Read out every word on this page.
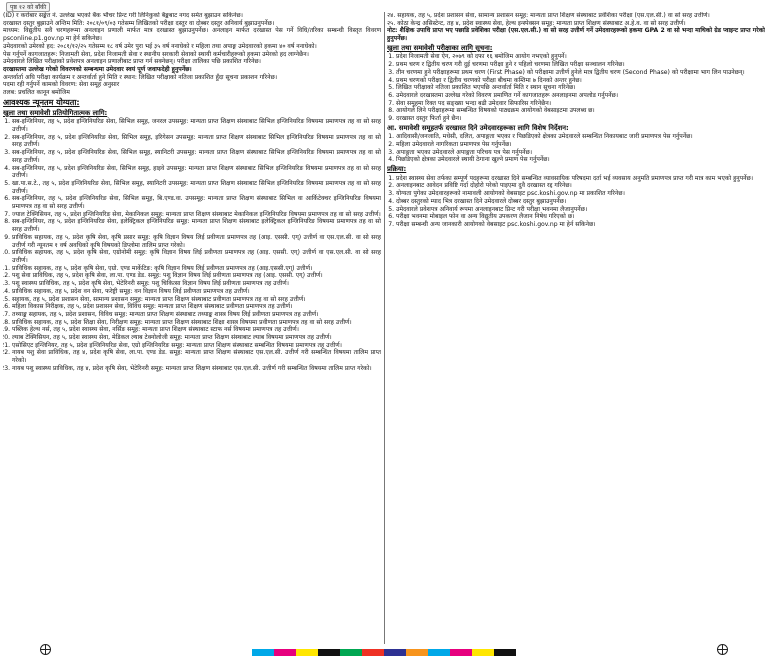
पृष्ठ १२ को बाँकी

(ID) र करोबार सङ्केत नं. उल्लेख भएको बैंक भौचर प्रिन्ट गरी लिनिकुको बैङ्कबाट नगद समेत बुझाउन सकिनेछ।

दरखास्त दस्तुर बुझाउने अन्तिम मिति: २०८१/०९/०३ गतेसम्म लिखितको परीक्षा दस्तुर वा दोब्बर दस्तुर अनिवार्य बुझाउनुपर्नेछ।

माध्यम: विद्युतीय सवै चरणहरूमा अनलाइन प्रणाली मार्फत मात्र दरखास्त बुझाउनुपर्नेछ। अनलाइन मार्फत दरखास्त पेस गर्ने विधि/तरिका सम्बन्धी विस्तृत विवरण psconline.p1.gov.np मा हेर्न सकिनेछ।

उमेदवारको उमेरको हद: २०८१/१२/२५ गतेसम्म १८ वर्ष उमेर पुरा भई ३५ वर्ष ननाघेको र महिला तथा अपाङ्ग उमेदवारको हकमा ४० वर्ष ननाघेको।

पेस गर्नुपर्ने कागजातहरू: निजामती सेवा, प्रदेश निजामती सेवा र स्थानीय सरकारी सेवाको स्थायी कर्मचारीहरूको हकमा उमेरको हद लाग्नेछैन।

उमेदवारले लिखित परीक्षाको प्रवेशपत्र अनलाइन प्रणालीबाट प्राप्त गर्न सक्नेछन्। परीक्षा तालिका पछि प्रकाशित गरिनेछ।

दरखास्तमा उल्लेख गरेको विवरणको सम्बन्धमा उमेदवार स्वयं पूर्ण जवाफदेही हुनुपर्नेछ।

अन्तर्वार्ता अघि परीक्षा कार्यक्रम र अन्तर्वार्ता हुने मिति र स्थान: लिखित परीक्षाको नतिजा प्रकाशित हुँदा सूचना प्रकाशन गरिनेछ।

पदमा रही गर्नुपर्ने कामको विवरण: सेवा समूह अनुसार

तलब: प्रचलित कानून बमोजिम

आवश्यक न्यूनतम योग्यता:
खुला तथा समावेशी प्रतियोगितात्मक लागि:
1. सब-इन्जिनियर, तह ५, प्रदेश इन्जिनियरिङ सेवा, सिभिल समूह, जनरल उपसमूह: मान्यता प्राप्त शिक्षण संस्थाबाट सिभिल इन्जिनियरिङ विषयमा प्रमाणपत्र तह वा सो सरह उत्तीर्ण।
2. सब-इन्जिनियर, तह ५, प्रदेश इन्जिनियरिङ सेवा, सिभिल समूह, इरिगेसन उपसमूह: मान्यता प्राप्त शिक्षण संस्थाबाट सिभिल इन्जिनियरिङ विषयमा प्रमाणपत्र तह वा सो सरह उत्तीर्ण।
3. सब-इन्जिनियर, तह ५, प्रदेश इन्जिनियरिङ सेवा, सिभिल समूह, स्यानिटरी उपसमूह: मान्यता प्राप्त शिक्षण संस्थाबाट सिभिल इन्जिनियरिङ विषयमा प्रमाणपत्र तह वा सो सरह उत्तीर्ण।
4. सब-इन्जिनियर, तह ५, प्रदेश इन्जिनियरिङ सेवा, सिभिल समूह, हाइवे उपसमूह: मान्यता प्राप्त शिक्षण संस्थाबाट सिभिल इन्जिनियरिङ विषयमा प्रमाणपत्र तह वा सो सरह उत्तीर्ण।
5. खा.पा.स.टे., तह ५, प्रदेश इन्जिनियरिङ सेवा, सिभिल समूह, स्यानिटरी उपसमूह: मान्यता प्राप्त शिक्षण संस्थाबाट सिभिल इन्जिनियरिङ विषयमा प्रमाणपत्र तह वा सो सरह उत्तीर्ण।
6. सब-इन्जिनियर, तह ५, प्रदेश इन्जिनियरिङ सेवा, सिभिल समूह, बि.एण्ड.वा. उपसमूह: मान्यता प्राप्त शिक्षण संस्थाबाट सिभिल वा आर्किटेक्चर इन्जिनियरिङ विषयमा प्रमाणपत्र तह वा सो सरह उत्तीर्ण।
7. ज्याल टेक्निसियन, तह ५, प्रदेश इन्जिनियरिङ सेवा, मेकानिकल समूह: मान्यता प्राप्त शिक्षण संस्थाबाट मेकानिकल इन्जिनियरिङ विषयमा प्रमाणपत्र तह वा सो सरह उत्तीर्ण।
8. सब-इन्जिनियर, तह ५, प्रदेश इन्जिनियरिङ सेवा, इलेक्ट्रिकल इन्जिनियरिङ समूह: मान्यता प्राप्त शिक्षण संस्थाबाट इलेक्ट्रिकल इन्जिनियरिङ विषयमा प्रमाणपत्र तह वा सो सरह उत्तीर्ण।
9. प्राविधिक सहायक, तह ५, प्रदेश कृषि सेवा, कृषि प्रसार समूह: कृषि विज्ञान विषय लिई प्रवीणता प्रमाणपत्र तह (आइ. एससी. एग्) उत्तीर्ण वा एस.एल.सी. वा सो सरह उत्तीर्ण गरी न्यूनतम १ वर्ष अवधिको कृषि विषयको डिप्लोमा तालिम प्राप्त गरेको।
10. प्राविधिक सहायक, तह ५, प्रदेश कृषि सेवा, एग्रोनोमी समूह: कृषि विज्ञान विषय लिई प्रवीणता प्रमाणपत्र तह (आइ. एससी. एग्) उत्तीर्ण वा एस.एल.सी. वा सो सरह उत्तीर्ण।
11. प्राविधिक सहायक, तह ५, प्रदेश कृषि सेवा, एग्रो. एण्ड मार्केटिङ: कृषि विज्ञान विषय लिई प्रवीणता प्रमाणपत्र तह (आइ.एससी.एग्) उत्तीर्ण।
12. पशु सेवा प्राविधिक, तह ५, प्रदेश कृषि सेवा, ला.पा. एण्ड डेड. समूह: पशु विज्ञान विषय लिई प्रवीणता प्रमाणपत्र तह (आइ. एससी. एग्) उत्तीर्ण।
13. पशु स्वास्थ्य प्राविधिक, तह ५, प्रदेश कृषि सेवा, भेटेरिनरी समूह: पशु चिकित्सा विज्ञान विषय लिई प्रवीणता प्रमाणपत्र तह उत्तीर्ण।
14. प्राविधिक सहायक, तह ५, प्रदेश वन सेवा, फरेष्ट्री समूह: वन विज्ञान विषय लिई प्रवीणता प्रमाणपत्र तह उत्तीर्ण।
15. सहायक, तह ५, प्रदेश प्रशासन सेवा, सामान्य प्रशासन समूह: मान्यता प्राप्त शिक्षण संस्थाबाट प्रवीणता प्रमाणपत्र तह वा सो सरह उत्तीर्ण।
16. महिला विकास निरीक्षक, तह ५, प्रदेश प्रशासन सेवा, विविध समूह: मान्यता प्राप्त शिक्षण संस्थाबाट प्रवीणता प्रमाणपत्र तह उत्तीर्ण।
17. तथ्याङ्क सहायक, तह ५, प्रदेश प्रशासन, विविध समूह: मान्यता प्राप्त शिक्षण संस्थाबाट तथ्याङ्क शास्त्र विषय लिई प्रवीणता प्रमाणपत्र तह उत्तीर्ण।
18. प्राविधिक सहायक, तह ५, प्रदेश शिक्षा सेवा, निरीक्षण समूह: मान्यता प्राप्त शिक्षण संस्थाबाट शिक्षा शास्त्र विषयमा प्रवीणता प्रमाणपत्र तह वा सो सरह उत्तीर्ण।
19. पब्लिक हेल्थ नर्स, तह ५, प्रदेश स्वास्थ्य सेवा, नर्सिङ समूह: मान्यता प्राप्त शिक्षण संस्थाबाट स्टाफ नर्स विषयमा प्रमाणपत्र तह उत्तीर्ण।
20. ल्याब टेक्निसियन, तह ५, प्रदेश स्वास्थ्य सेवा, मेडिकल ल्याब टेक्नोलोजी समूह: मान्यता प्राप्त शिक्षण संस्थाबाट ल्याब विषयमा प्रमाणपत्र तह उत्तीर्ण।
21. एसोसिएट इन्जिनियर, तह ५, प्रदेश इन्जिनियरिङ सेवा, एग्रो इन्जिनियरिङ समूह: मान्यता प्राप्त शिक्षण संस्थाबाट सम्बन्धित विषयमा प्रमाणपत्र तह उत्तीर्ण।
22. नायब पशु सेवा प्राविधिक, तह ४, प्रदेश कृषि सेवा, ला.पा. एण्ड डेड. समूह: मान्यता प्राप्त शिक्षण संस्थाबाट एस.एल.सी. उत्तीर्ण गरी सम्बन्धित विषयमा तालिम प्राप्त गरेको।
23. नायब पशु स्वास्थ्य प्राविधिक, तह ४, प्रदेश कृषि सेवा, भेटेरिनरी समूह: मान्यता प्राप्त शिक्षण संस्थाबाट एस.एल.सी. उत्तीर्ण गरी सम्बन्धित विषयमा तालिम प्राप्त गरेको।

२४. सहायक, तह ५, प्रदेश प्रशासन सेवा, सामान्य प्रशासन समूह: मान्यता प्राप्त शिक्षण संस्थाबाट प्रवेशिका परीक्षा (एस.एल.सी.) वा सो सरह उत्तीर्ण।

२५. कोठा केन्द्र असिस्टेन्ट, तह ४, प्रदेश स्वास्थ्य सेवा, हेल्थ इन्स्पेक्सन समूह: मान्यता प्राप्त शिक्षण संस्थाबाट अ.हे.व. वा सो सरह उत्तीर्ण।

नोट: शैक्षिक उपाधि प्राप्त भए पछाडि प्रवेशिका परीक्षा (एस.एल.सी.) वा सो सरह उत्तीर्ण गर्ने उमेदवारहरूको हकमा GPA 2 वा सो भन्दा माथिको ग्रेड प्वाइन्ट प्राप्त गरेको हुनुपर्नेछ।

खुला तथा समावेशी परीक्षाका लागि सूचना:
1. प्रदेश निजामती सेवा ऐन, २०७९ को दफा १६ बमोजिम आयोग नभएको हुनुपर्ने।
2. प्रथम चरण र द्वितीय चरण गरी दुई चरणमा परीक्षा हुने र पहिलो चरणमा लिखित परीक्षा सञ्चालन गरिनेछ।
3. तीन चरणमा हुने परीक्षाहरूमा प्रथम चरण (First Phase) को परीक्षामा उत्तीर्ण हुनेले मात्र द्वितीय चरण (Second Phase) को परीक्षामा भाग लिन पाउनेछन्।
4. प्रथम चरणको परीक्षा र द्वितीय चरणको परीक्षा बीचमा कम्तिमा ७ दिनको अन्तर हुनेछ।
5. लिखित परीक्षाको नतिजा प्रकाशित भएपछि अन्तर्वार्ता मिति र स्थान सूचना गरिनेछ।
6. उमेदवारले दरखास्तमा उल्लेख गरेको विवरण प्रमाणित गर्ने कागजातहरू अनलाइनमा अपलोड गर्नुपर्नेछ।
7. सेवा समूहमा रिक्त पद सङ्ख्या भन्दा बढी उमेदवार सिफारिस गरिनेछैन।
8. आयोगले लिने परीक्षाहरूमा सम्बन्धित विषयको पाठ्यक्रम आयोगको वेबसाइटमा उपलब्ध छ।
9. दरखास्त दस्तुर फिर्ता हुने छैन।
आ. समावेशी समूहतर्फ दरखास्त दिने उमेदवारहरूका लागि विशेष निर्देशन:
1. आदिवासी/जनजाति, मधेसी, दलित, अपाङ्गता भएका र पिछडिएको क्षेत्रका उमेदवारले सम्बन्धित निकायबाट जारी प्रमाणपत्र पेस गर्नुपर्नेछ।
2. महिला उमेदवारले नागरिकता प्रमाणपत्र पेस गर्नुपर्नेछ।
3. अपाङ्गता भएका उमेदवारले अपाङ्गता परिचय पत्र पेस गर्नुपर्नेछ।
4. पिछडिएको क्षेत्रका उमेदवारले स्थायी ठेगाना खुल्ने प्रमाण पेस गर्नुपर्नेछ।
प्रक्रिया:
1. प्रदेश स्वास्थ्य सेवा तर्फका सम्पूर्ण पदहरूमा दरखास्त दिने सम्बन्धित व्यावसायिक परिषदमा दर्ता भई व्यवसाय अनुमति प्रमाणपत्र प्राप्त गरी मात्र काम भएको हुनुपर्नेछ।
2. अनलाइनबाट आवेदन प्रविष्टि गर्दा दोहोरो परेको पाइएमा दुवै दरखास्त रद्द गरिनेछ।
3. योग्यता पुगेका उमेदवारहरूको नामावली आयोगको वेबसाइट psc.koshi.gov.np मा प्रकाशित गरिनेछ।
4. दोब्बर दस्तुरको म्याद भित्र दरखास्त दिने उमेदवारले दोब्बर दस्तुर बुझाउनुपर्नेछ।
5. उमेदवारले प्रवेशपत्र अनिवार्य रूपमा अनलाइनबाट प्रिन्ट गरी परीक्षा भवनमा लैजानुपर्नेछ।
6. परीक्षा भवनमा मोबाइल फोन वा अन्य विद्युतीय उपकरण लैजान निषेध गरिएको छ।
7. परीक्षा सम्बन्धी अन्य जानकारी आयोगको वेबसाइट psc.koshi.gov.np मा हेर्न सकिनेछ।
